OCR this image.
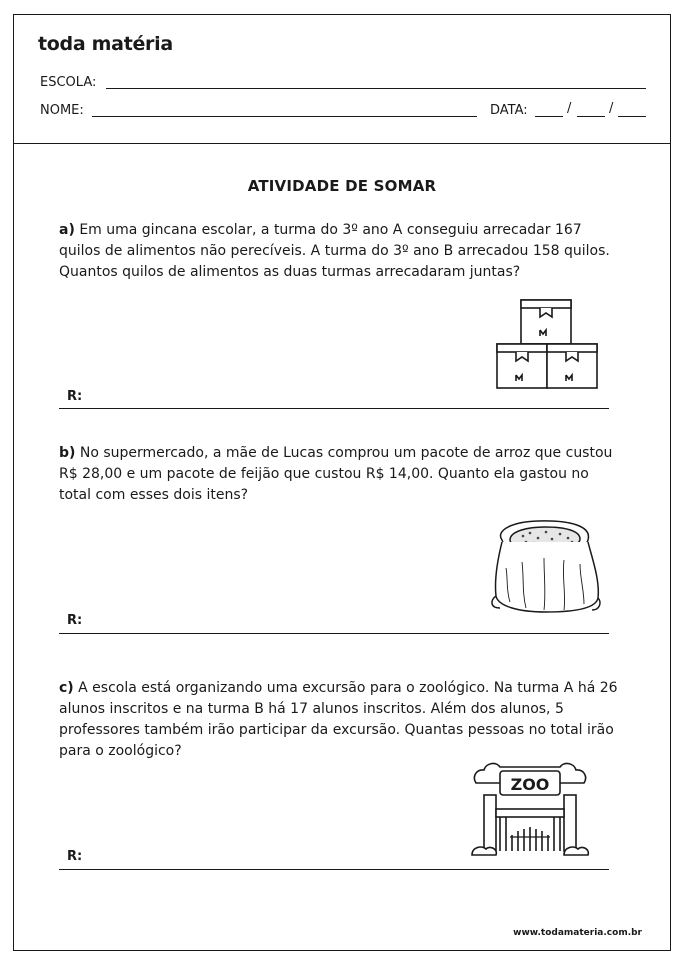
toda matéria
ESCOLA:
NOME:	DATA:	/	/
ATIVIDADE DE SOMAR
a) Em uma gincana escolar, a turma do 3º ano A conseguiu arrecadar 167 quilos de alimentos não perecíveis. A turma do 3º ano B arrecadou 158 quilos. Quantos quilos de alimentos as duas turmas arrecadaram juntas?
R:
b) No supermercado, a mãe de Lucas comprou um pacote de arroz que custou R$ 28,00 e um pacote de feijão que custou R$ 14,00. Quanto ela gastou no total com esses dois itens?
R:
c) A escola está organizando uma excursão para o zoológico. Na turma A há 26 alunos inscritos e na turma B há 17 alunos inscritos. Além dos alunos, 5 professores também irão participar da excursão. Quantas pessoas no total irão para o zoológico?
ZOO
R:
www.todamateria.com.br
